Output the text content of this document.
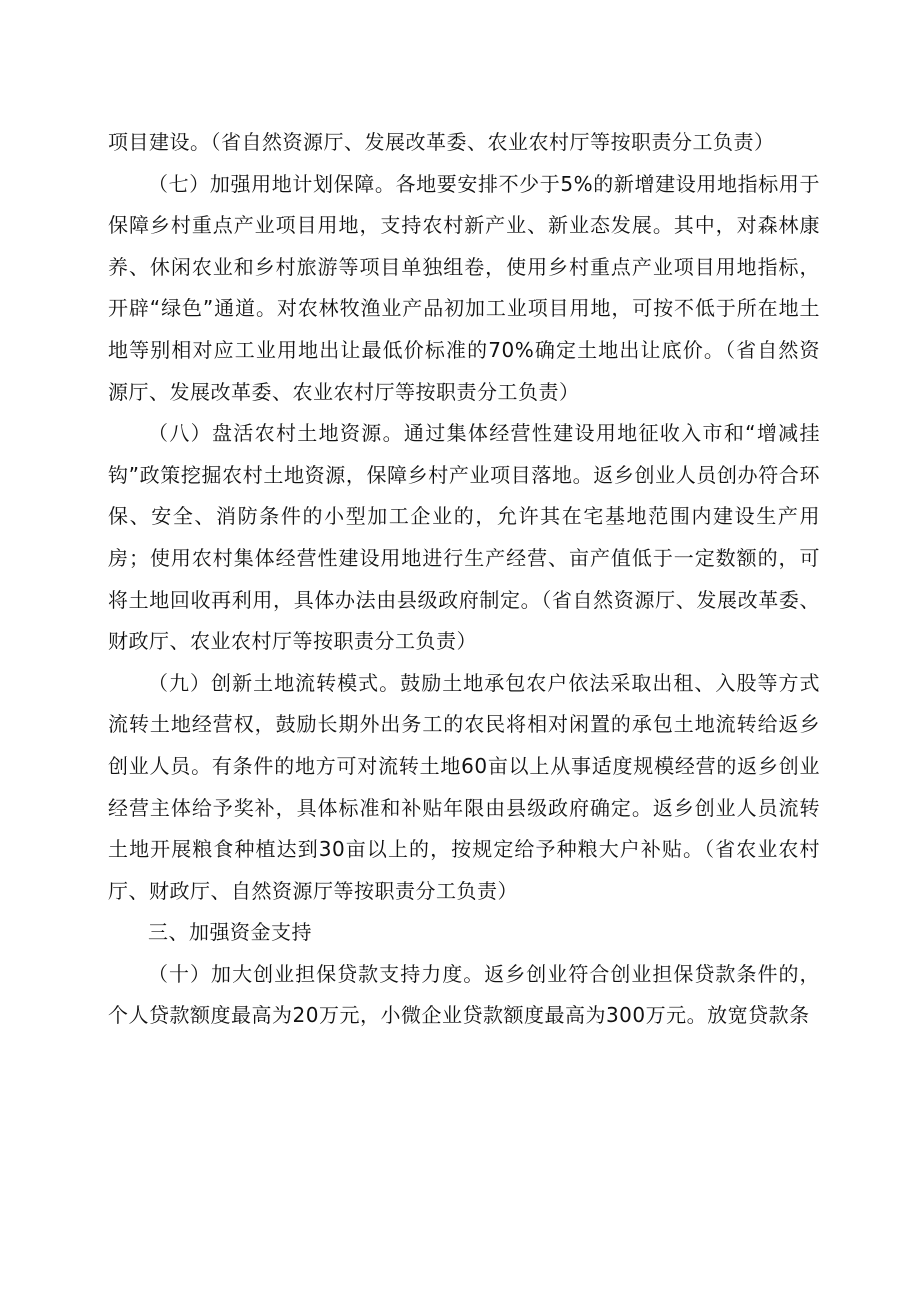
项目建设。（省自然资源厅、发展改革委、农业农村厅等按职责分工负责）

（七）加强用地计划保障。各地要安排不少于5%的新增建设用地指标用于保障乡村重点产业项目用地，支持农村新产业、新业态发展。其中，对森林康养、休闲农业和乡村旅游等项目单独组卷，使用乡村重点产业项目用地指标，开辟“绿色”通道。对农林牧渔业产品初加工业项目用地，可按不低于所在地土地等别相对应工业用地出让最低价标准的70%确定土地出让底价。（省自然资源厅、发展改革委、农业农村厅等按职责分工负责）

（八）盘活农村土地资源。通过集体经营性建设用地征收入市和“增减挂钩”政策挖掘农村土地资源，保障乡村产业项目落地。返乡创业人员创办符合环保、安全、消防条件的小型加工企业的，允许其在宅基地范围内建设生产用房；使用农村集体经营性建设用地进行生产经营、亩产值低于一定数额的，可将土地回收再利用，具体办法由县级政府制定。（省自然资源厅、发展改革委、财政厅、农业农村厅等按职责分工负责）

（九）创新土地流转模式。鼓励土地承包农户依法采取出租、入股等方式流转土地经营权，鼓励长期外出务工的农民将相对闲置的承包土地流转给返乡创业人员。有条件的地方可对流转土地60亩以上从事适度规模经营的返乡创业经营主体给予奖补，具体标准和补贴年限由县级政府确定。返乡创业人员流转土地开展粮食种植达到30亩以上的，按规定给予种粮大户补贴。（省农业农村厅、财政厅、自然资源厅等按职责分工负责）

三、加强资金支持

（十）加大创业担保贷款支持力度。返乡创业符合创业担保贷款条件的，个人贷款额度最高为20万元，小微企业贷款额度最高为300万元。放宽贷款条
